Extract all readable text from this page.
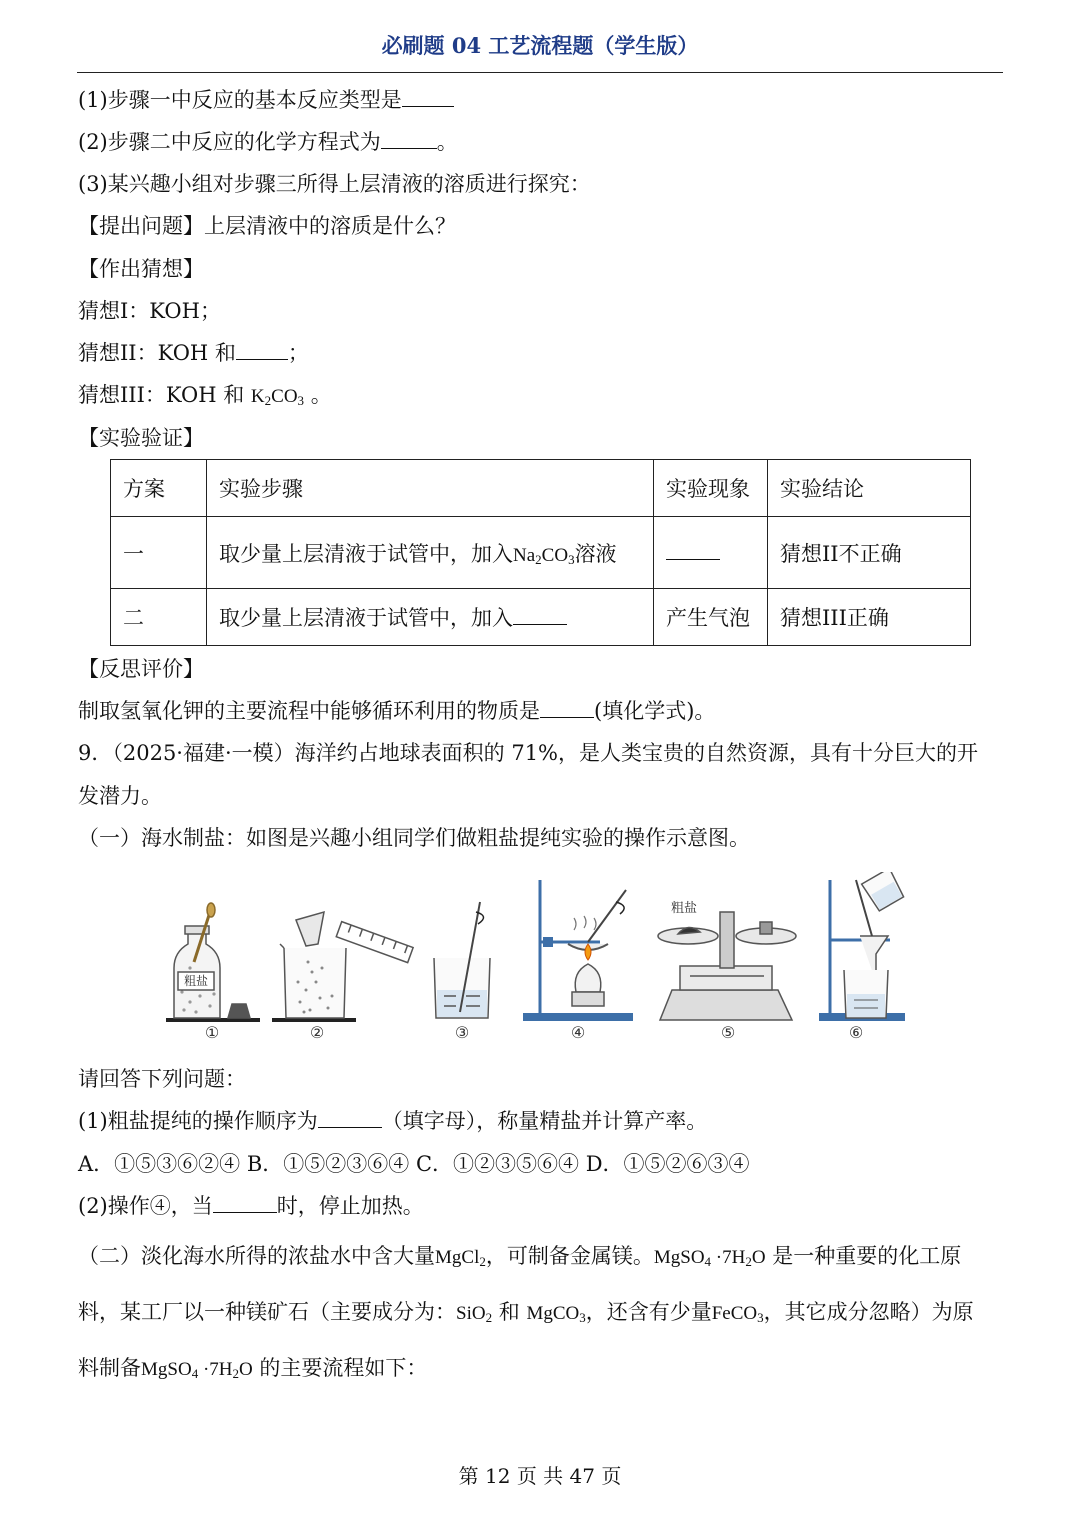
必刷题 04 工艺流程题（学生版）
(1)步骤一中反应的基本反应类型是
(2)步骤二中反应的化学方程式为	。
(3)某兴趣小组对步骤三所得上层清液的溶质进行探究：
【提出问题】上层清液中的溶质是什么？
【作出猜想】
猜想I：KOH；
猜想II：KOH 和 ；
猜想III：KOH 和 $K_2CO_3$ 。
【实验验证】
方案	实验步骤	实验现象	实验结论
一	取少量上层清液于试管中，加入$Na_2CO_3$溶液		猜想II不正确
二	取少量上层清液于试管中，加入	产生气泡	猜想III正确
【反思评价】
制取氢氧化钾的主要流程中能够循环利用的物质是	(填化学式)。
9．（2025·福建·一模）海洋约占地球表面积的 71%，是人类宝贵的自然资源，具有十分巨大的开
发潜力。
（一）海水制盐：如图是兴趣小组同学们做粗盐提纯实验的操作示意图。
粗盐
粗盐
①	②	③	④	⑤	⑥
请回答下列问题：
(1)粗盐提纯的操作顺序为	（填字母），称量精盐并计算产率。
A．①⑤③⑥②④ B．①⑤②③⑥④ C．①②③⑤⑥④ D．①⑤②⑥③④
(2)操作④，当	时，停止加热。
（二）淡化海水所得的浓盐水中含大量MgCl$_2$，可制备金属镁。MgSO$_4$ $\cdot 7H_2O$ 是一种重要的化工原
料，某工厂以一种镁矿石（主要成分为：SiO$_2$ 和 MgCO$_3$，还含有少量FeCO$_3$，其它成分忽略）为原
料制备MgSO$_4$ $\cdot 7H_2O$ 的主要流程如下：
第 12 页 共 47 页
